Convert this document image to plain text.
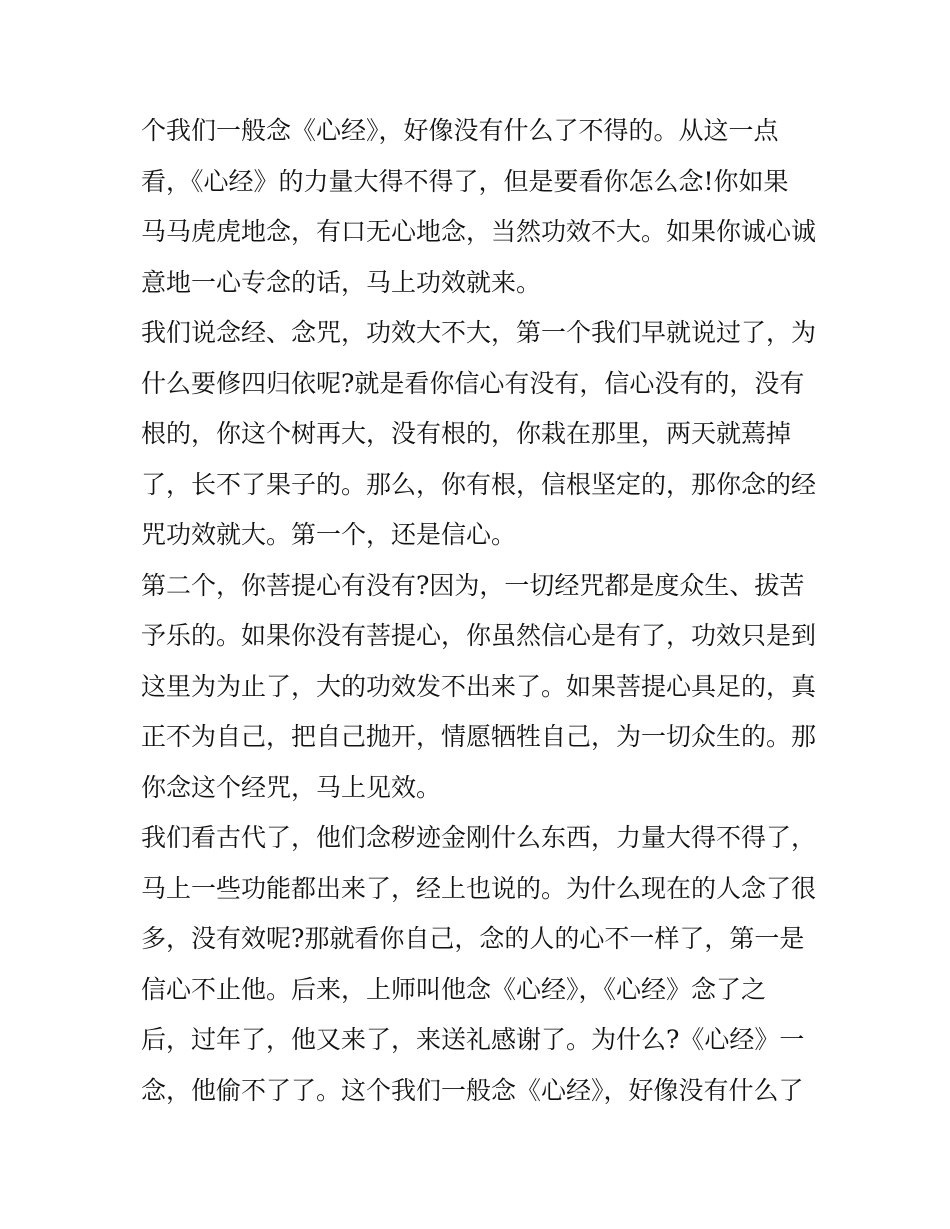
个我们一般念《心经》，好像没有什么了不得的。从这一点
看，《心经》的力量大得不得了，但是要看你怎么念!你如果
马马虎虎地念，有口无心地念，当然功效不大。如果你诚心诚
意地一心专念的话，马上功效就来。
我们说念经、念咒，功效大不大，第一个我们早就说过了，为
什么要修四归依呢?就是看你信心有没有，信心没有的，没有
根的，你这个树再大，没有根的，你栽在那里，两天就蔫掉
了，长不了果子的。那么，你有根，信根坚定的，那你念的经
咒功效就大。第一个，还是信心。
第二个，你菩提心有没有?因为，一切经咒都是度众生、拔苦
予乐的。如果你没有菩提心，你虽然信心是有了，功效只是到
这里为为止了，大的功效发不出来了。如果菩提心具足的，真
正不为自己，把自己抛开，情愿牺牲自己，为一切众生的。那
你念这个经咒，马上见效。
我们看古代了，他们念秽迹金刚什么东西，力量大得不得了，
马上一些功能都出来了，经上也说的。为什么现在的人念了很
多，没有效呢?那就看你自己，念的人的心不一样了，第一是
信心不止他。后来，上师叫他念《心经》，《心经》念了之
后，过年了，他又来了，来送礼感谢了。为什么?《心经》一
念，他偷不了了。这个我们一般念《心经》，好像没有什么了
